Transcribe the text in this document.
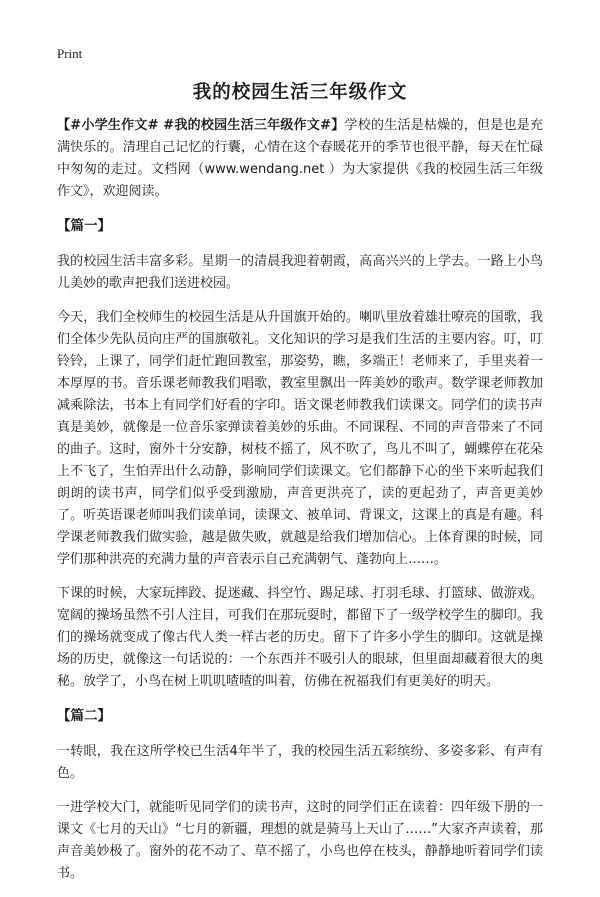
Print
我的校园生活三年级作文

【#小学生作文# #我的校园生活三年级作文#】学校的生活是枯燥的，但是也是充满快乐的。清理自己记忆的行囊，心情在这个春暖花开的季节也很平静，每天在忙碌中匆匆的走过。文档网（www.wendang.net ）为大家提供《我的校园生活三年级作文》，欢迎阅读。

【篇一】

我的校园生活丰富多彩。星期一的清晨我迎着朝霞，高高兴兴的上学去。一路上小鸟儿美妙的歌声把我们送进校园。

今天，我们全校师生的校园生活是从升国旗开始的。喇叭里放着雄壮嘹亮的国歌，我们全体少先队员向庄严的国旗敬礼。文化知识的学习是我们生活的主要内容。叮，叮铃铃，上课了，同学们赶忙跑回教室，那姿势，瞧，多端正！老师来了，手里夹着一本厚厚的书。音乐课老师教我们唱歌，教室里飘出一阵美妙的歌声。数学课老师教加减乘除法，书本上有同学们好看的字印。语文课老师教我们读课文。同学们的读书声真是美妙，就像是一位音乐家弹读着美妙的乐曲。不同课程、不同的声音带来了不同的曲子。这时，窗外十分安静，树枝不摇了，风不吹了，鸟儿不叫了，蝴蝶停在花朵上不飞了，生怕弄出什么动静，影响同学们读课文。它们都静下心的坐下来听起我们朗朗的读书声，同学们似乎受到激励，声音更洪亮了，读的更起劲了，声音更美妙了。听英语课老师叫我们读单词，读课文、被单词、背课文，这课上的真是有趣。科学课老师教我们做实验，越是做失败，就越是给我们增加信心。上体育课的时候，同学们那种洪亮的充满力量的声音表示自己充满朝气、蓬勃向上……。

下课的时候，大家玩摔跤、捉迷藏、抖空竹、踢足球、打羽毛球、打篮球、做游戏。宽阔的操场虽然不引人注目，可我们在那玩耍时，都留下了一级学校学生的脚印。我们的操场就变成了像古代人类一样古老的历史。留下了许多小学生的脚印。这就是操场的历史，就像这一句话说的：一个东西并不吸引人的眼球，但里面却藏着很大的奥秘。放学了，小鸟在树上叽叽喳喳的叫着，仿佛在祝福我们有更美好的明天。

【篇二】

一转眼，我在这所学校已生活4年半了，我的校园生活五彩缤纷、多姿多彩、有声有色。

一进学校大门，就能听见同学们的读书声，这时的同学们正在读着：四年级下册的一课文《七月的天山》“七月的新疆，理想的就是骑马上天山了……”大家齐声读着，那声音美妙极了。窗外的花不动了、草不摇了，小鸟也停在枝头，静静地听着同学们读书。
